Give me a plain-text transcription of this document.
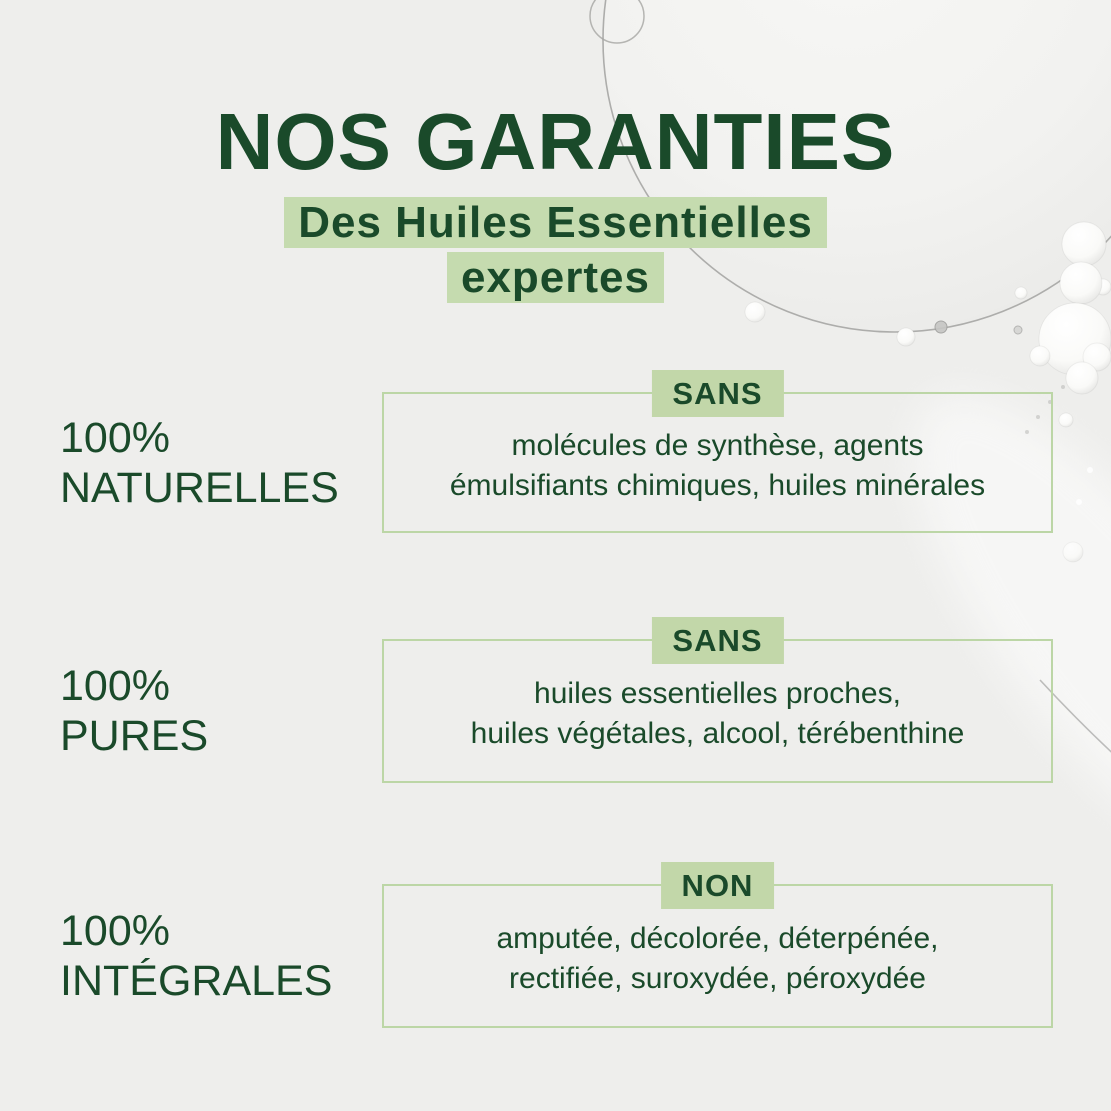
NOS GARANTIES
Des Huiles Essentielles
expertes
100%
NATURELLES
SANS
molécules de synthèse, agents
émulsifiants chimiques, huiles minérales
100%
PURES
SANS
huiles essentielles proches,
huiles végétales, alcool, térébenthine
100%
INTÉGRALES
NON
amputée, décolorée, déterpénée,
rectifiée, suroxydée, péroxydée
